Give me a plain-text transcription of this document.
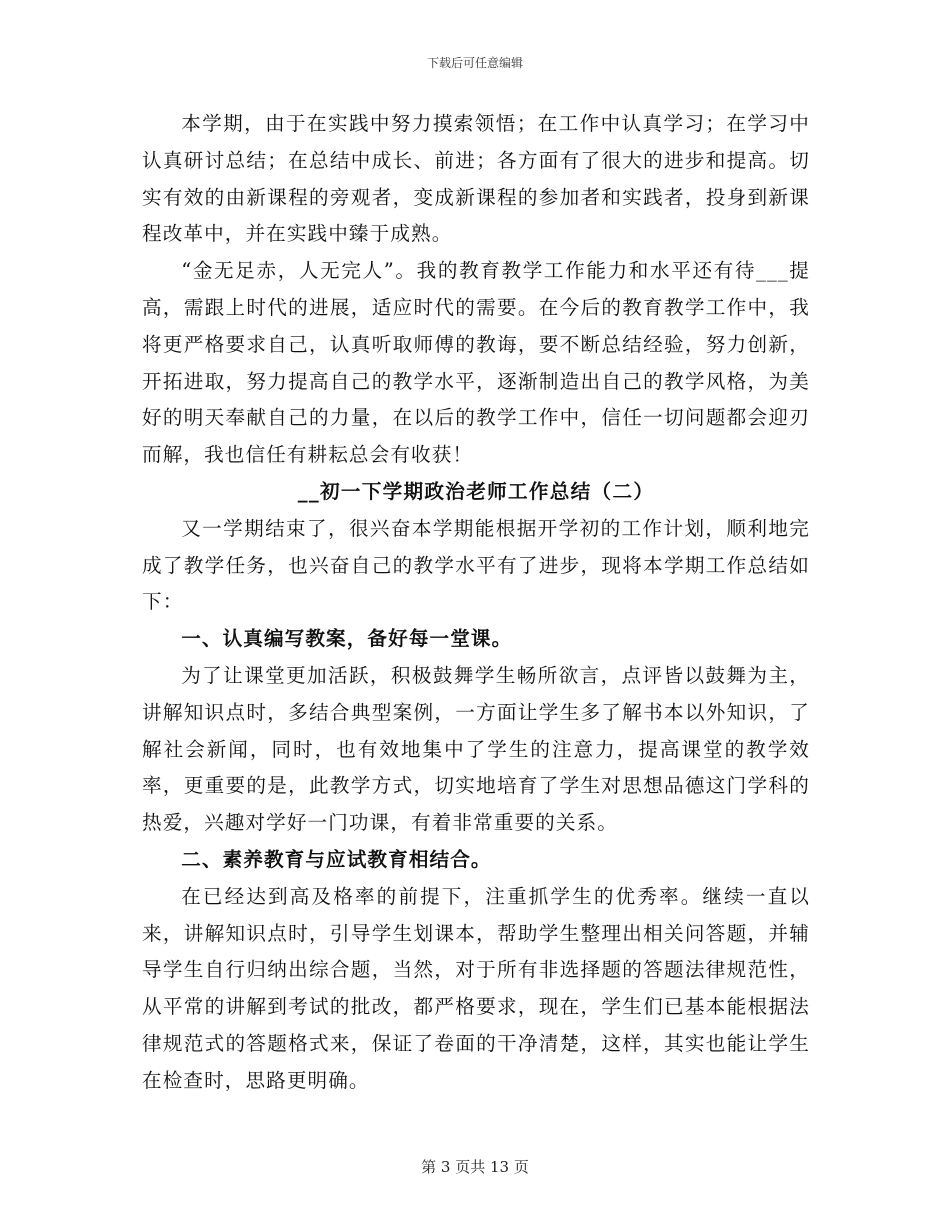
下载后可任意编辑

本学期，由于在实践中努力摸索领悟；在工作中认真学习；在学习中认真研讨总结；在总结中成长、前进；各方面有了很大的进步和提高。切实有效的由新课程的旁观者，变成新课程的参加者和实践者，投身到新课程改革中，并在实践中臻于成熟。

“金无足赤，人无完人”。我的教育教学工作能力和水平还有待___提高，需跟上时代的进展，适应时代的需要。在今后的教育教学工作中，我将更严格要求自己，认真听取师傅的教诲，要不断总结经验，努力创新，开拓进取，努力提高自己的教学水平，逐渐制造出自己的教学风格，为美好的明天奉献自己的力量，在以后的教学工作中，信任一切问题都会迎刃而解，我也信任有耕耘总会有收获！

__初一下学期政治老师工作总结（二）

又一学期结束了，很兴奋本学期能根据开学初的工作计划，顺利地完成了教学任务，也兴奋自己的教学水平有了进步，现将本学期工作总结如下：

一、认真编写教案，备好每一堂课。

为了让课堂更加活跃，积极鼓舞学生畅所欲言，点评皆以鼓舞为主，讲解知识点时，多结合典型案例，一方面让学生多了解书本以外知识，了解社会新闻，同时，也有效地集中了学生的注意力，提高课堂的教学效率，更重要的是，此教学方式，切实地培育了学生对思想品德这门学科的热爱，兴趣对学好一门功课，有着非常重要的关系。

二、素养教育与应试教育相结合。

在已经达到高及格率的前提下，注重抓学生的优秀率。继续一直以来，讲解知识点时，引导学生划课本，帮助学生整理出相关问答题，并辅导学生自行归纳出综合题，当然，对于所有非选择题的答题法律规范性，从平常的讲解到考试的批改，都严格要求，现在，学生们已基本能根据法律规范式的答题格式来，保证了卷面的干净清楚，这样，其实也能让学生在检查时，思路更明确。

第 3 页共 13 页
